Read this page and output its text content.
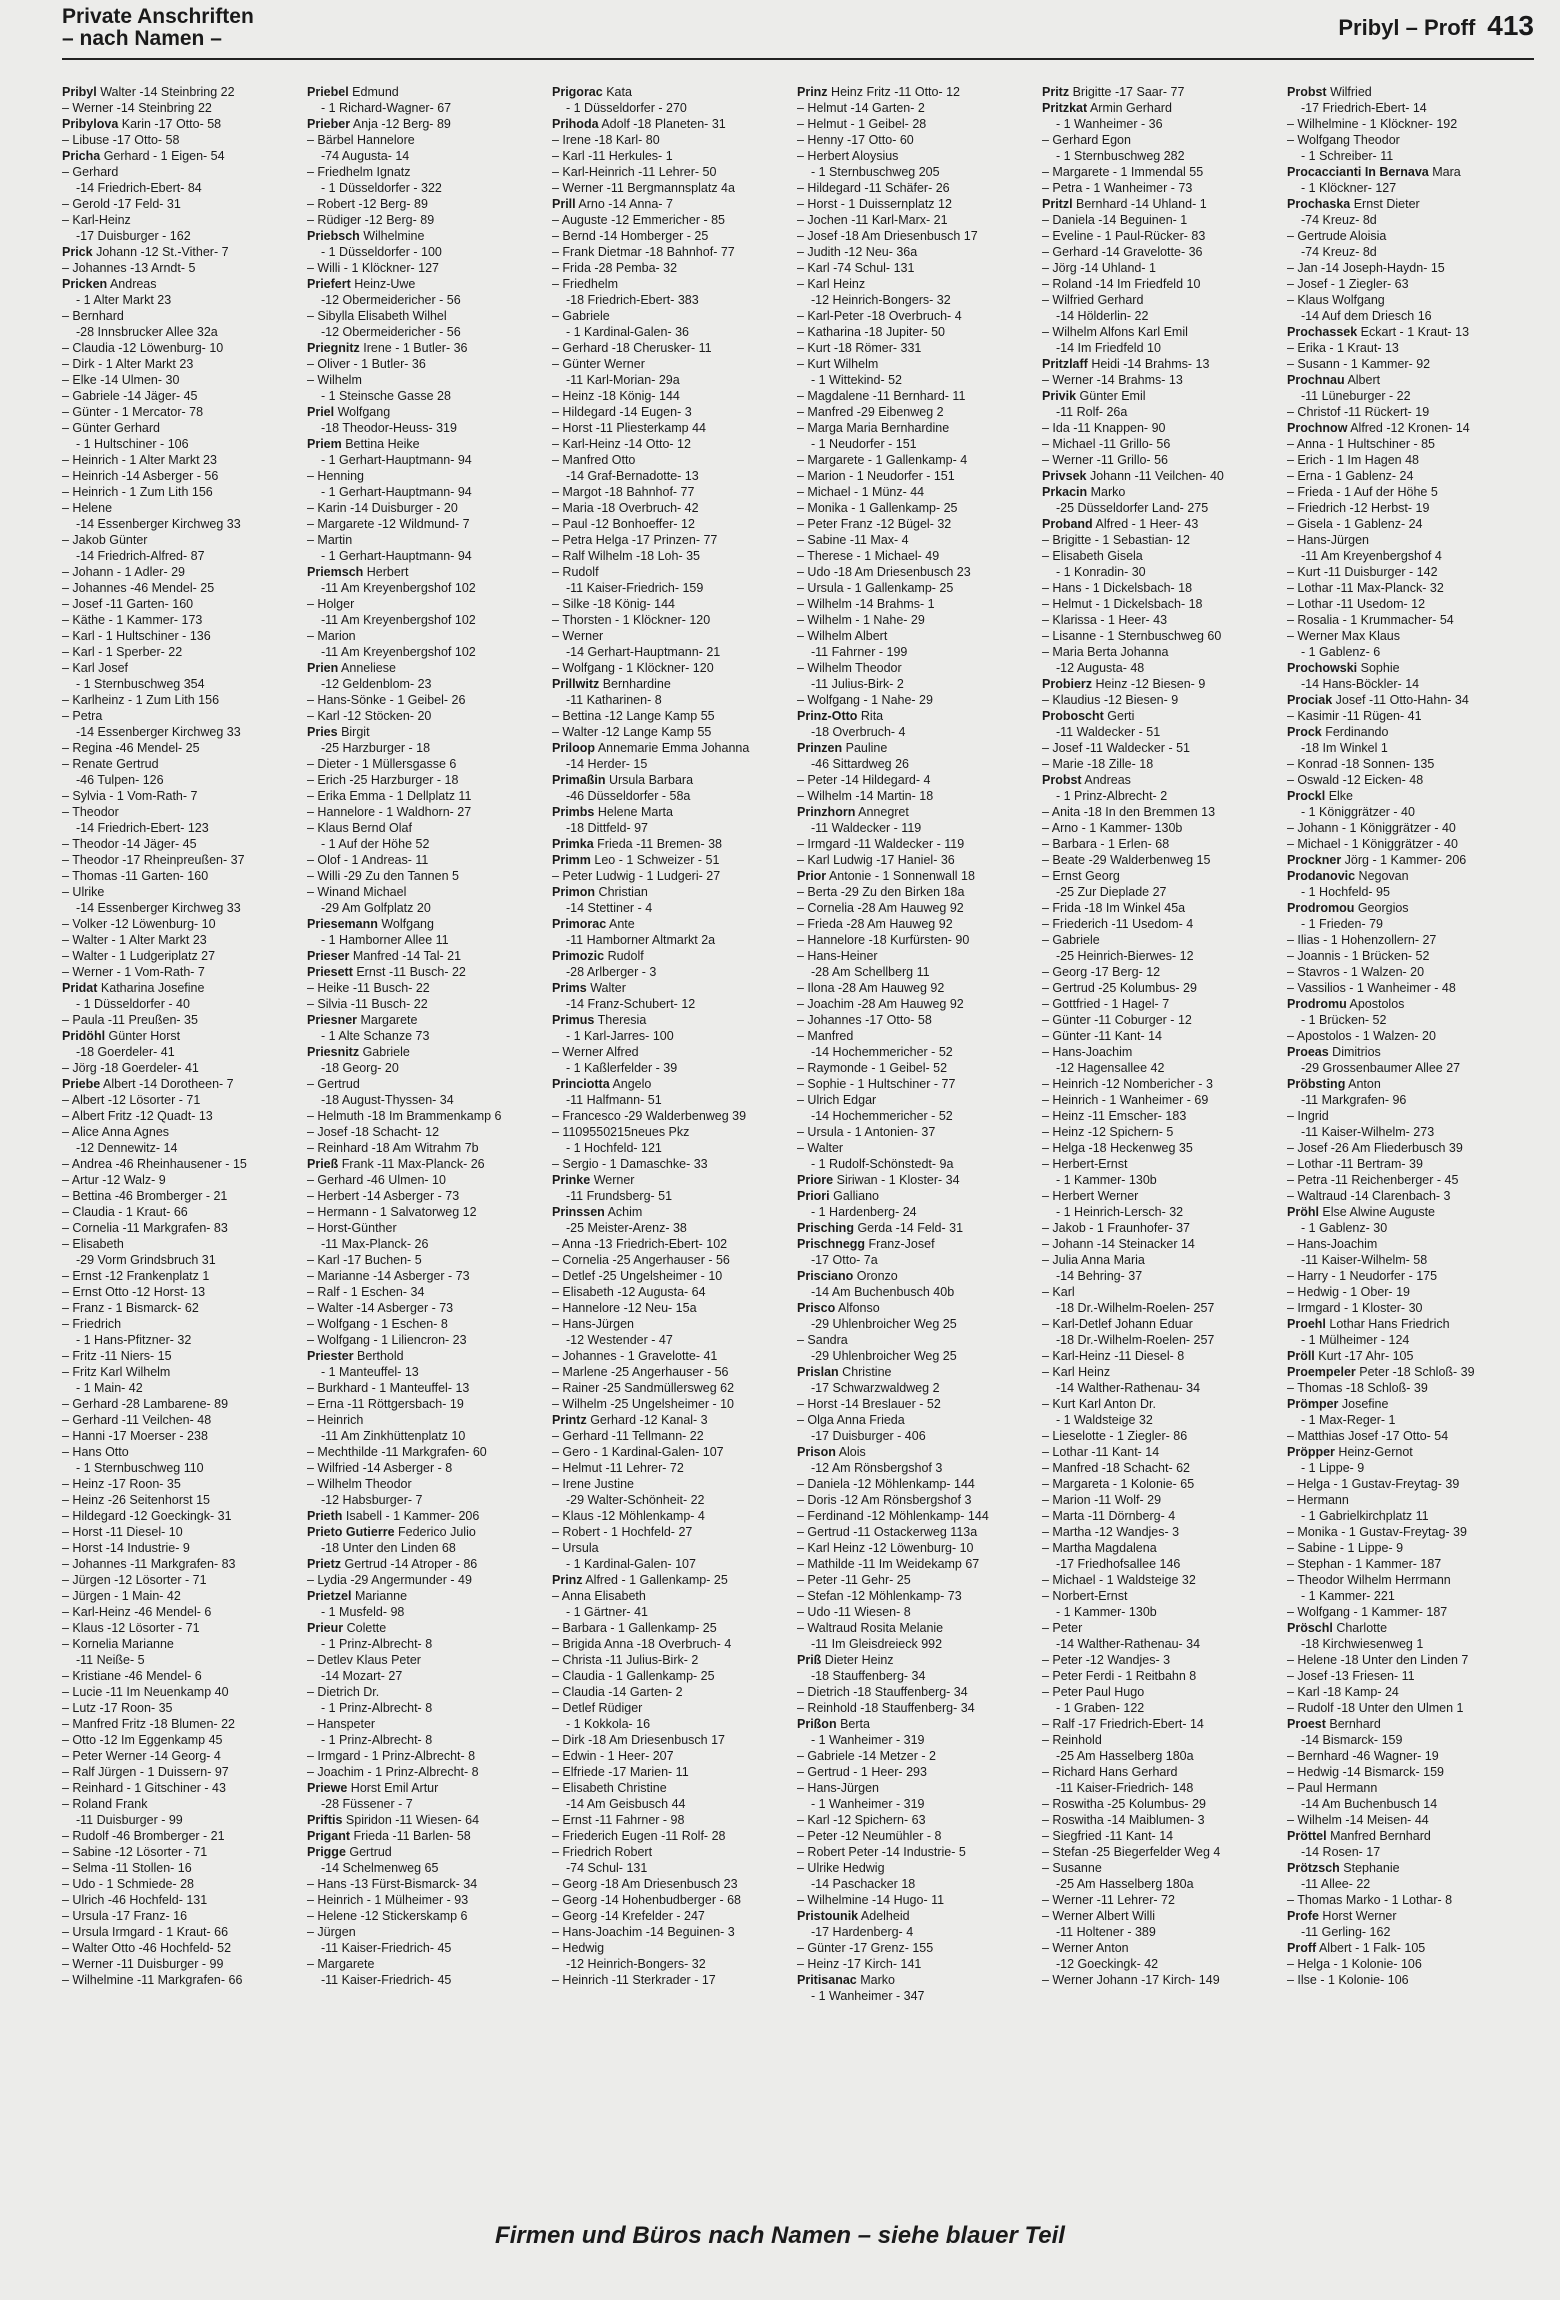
Private Anschriften
– nach Namen –	Pribyl – Proff 413
Pribyl Walter -14 Steinbring 22
– Werner -14 Steinbring 22
Pribylova Karin -17 Otto- 58
– Libuse -17 Otto- 58
Pricha Gerhard - 1 Eigen- 54
– Gerhard
-14 Friedrich-Ebert- 84
– Gerold -17 Feld- 31
– Karl-Heinz
-17 Duisburger - 162
Prick Johann -12 St.-Vither- 7
– Johannes -13 Arndt- 5
Pricken Andreas
- 1 Alter Markt 23
– Bernhard
-28 Innsbrucker Allee 32a
– Claudia -12 Löwenburg- 10
– Dirk - 1 Alter Markt 23
– Elke -14 Ulmen- 30
– Gabriele -14 Jäger- 45
– Günter - 1 Mercator- 78
– Günter Gerhard
- 1 Hultschiner - 106
– Heinrich - 1 Alter Markt 23
– Heinrich -14 Asberger - 56
– Heinrich - 1 Zum Lith 156
– Helene
-14 Essenberger Kirchweg 33
– Jakob Günter
-14 Friedrich-Alfred- 87
– Johann - 1 Adler- 29
– Johannes -46 Mendel- 25
– Josef -11 Garten- 160
– Käthe - 1 Kammer- 173
– Karl - 1 Hultschiner - 136
– Karl - 1 Sperber- 22
– Karl Josef
- 1 Sternbuschweg 354
– Karlheinz - 1 Zum Lith 156
– Petra
-14 Essenberger Kirchweg 33
– Regina -46 Mendel- 25
– Renate Gertrud
-46 Tulpen- 126
– Sylvia - 1 Vom-Rath- 7
– Theodor
-14 Friedrich-Ebert- 123
– Theodor -14 Jäger- 45
– Theodor -17 Rheinpreußen- 37
– Thomas -11 Garten- 160
– Ulrike
-14 Essenberger Kirchweg 33
– Volker -12 Löwenburg- 10
– Walter - 1 Alter Markt 23
– Walter - 1 Ludgeriplatz 27
– Werner - 1 Vom-Rath- 7
Pridat Katharina Josefine
- 1 Düsseldorfer - 40
– Paula -11 Preußen- 35
Pridöhl Günter Horst
-18 Goerdeler- 41
– Jörg -18 Goerdeler- 41
Priebe Albert -14 Dorotheen- 7
– Albert -12 Lösorter - 71
– Albert Fritz -12 Quadt- 13
– Alice Anna Agnes
-12 Dennewitz- 14
– Andrea -46 Rheinhausener - 15
– Artur -12 Walz- 9
– Bettina -46 Bromberger - 21
– Claudia - 1 Kraut- 66
– Cornelia -11 Markgrafen- 83
– Elisabeth
-29 Vorm Grindsbruch 31
– Ernst -12 Frankenplatz 1
– Ernst Otto -12 Horst- 13
– Franz - 1 Bismarck- 62
– Friedrich
- 1 Hans-Pfitzner- 32
– Fritz -11 Niers- 15
– Fritz Karl Wilhelm
- 1 Main- 42
– Gerhard -28 Lambarene- 89
– Gerhard -11 Veilchen- 48
– Hanni -17 Moerser - 238
– Hans Otto
- 1 Sternbuschweg 110
– Heinz -17 Roon- 35
– Heinz -26 Seitenhorst 15
– Hildegard -12 Goeckingk- 31
– Horst -11 Diesel- 10
– Horst -14 Industrie- 9
– Johannes -11 Markgrafen- 83
– Jürgen -12 Lösorter - 71
– Jürgen - 1 Main- 42
– Karl-Heinz -46 Mendel- 6
– Klaus -12 Lösorter - 71
– Kornelia Marianne
-11 Neiße- 5
– Kristiane -46 Mendel- 6
– Lucie -11 Im Neuenkamp 40
– Lutz -17 Roon- 35
– Manfred Fritz -18 Blumen- 22
– Otto -12 Im Eggenkamp 45
– Peter Werner -14 Georg- 4
– Ralf Jürgen - 1 Duissern- 97
– Reinhard - 1 Gitschiner - 43
– Roland Frank
-11 Duisburger - 99
– Rudolf -46 Bromberger - 21
– Sabine -12 Lösorter - 71
– Selma -11 Stollen- 16
– Udo - 1 Schmiede- 28
– Ulrich -46 Hochfeld- 131
– Ursula -17 Franz- 16
– Ursula Irmgard - 1 Kraut- 66
– Walter Otto -46 Hochfeld- 52
– Werner -11 Duisburger - 99
– Wilhelmine -11 Markgrafen- 66
Priebel Edmund
- 1 Richard-Wagner- 67
Prieber Anja -12 Berg- 89
– Bärbel Hannelore
-74 Augusta- 14
– Friedhelm Ignatz
- 1 Düsseldorfer - 322
– Robert -12 Berg- 89
– Rüdiger -12 Berg- 89
Priebsch Wilhelmine
- 1 Düsseldorfer - 100
– Willi - 1 Klöckner- 127
Priefert Heinz-Uwe
-12 Obermeidericher - 56
– Sibylla Elisabeth Wilhel
-12 Obermeidericher - 56
Priegnitz Irene - 1 Butler- 36
– Oliver - 1 Butler- 36
– Wilhelm
- 1 Steinsche Gasse 28
Priel Wolfgang
-18 Theodor-Heuss- 319
Priem Bettina Heike
- 1 Gerhart-Hauptmann- 94
– Henning
- 1 Gerhart-Hauptmann- 94
– Karin -14 Duisburger - 20
– Margarete -12 Wildmund- 7
– Martin
- 1 Gerhart-Hauptmann- 94
Priemsch Herbert
-11 Am Kreyenbergshof 102
– Holger
-11 Am Kreyenbergshof 102
– Marion
-11 Am Kreyenbergshof 102
Prien Anneliese
-12 Geldenblom- 23
– Hans-Sönke - 1 Geibel- 26
– Karl -12 Stöcken- 20
Pries Birgit
-25 Harzburger - 18
– Dieter - 1 Müllersgasse 6
– Erich -25 Harzburger - 18
– Erika Emma - 1 Dellplatz 11
– Hannelore - 1 Waldhorn- 27
– Klaus Bernd Olaf
- 1 Auf der Höhe 52
– Olof - 1 Andreas- 11
– Willi -29 Zu den Tannen 5
– Winand Michael
-29 Am Golfplatz 20
Priesemann Wolfgang
- 1 Hamborner Allee 11
Prieser Manfred -14 Tal- 21
Priesett Ernst -11 Busch- 22
– Heike -11 Busch- 22
– Silvia -11 Busch- 22
Priesner Margarete
- 1 Alte Schanze 73
Priesnitz Gabriele
-18 Georg- 20
– Gertrud
-18 August-Thyssen- 34
– Helmuth -18 Im Brammenkamp 6
– Josef -18 Schacht- 12
– Reinhard -18 Am Witrahm 7b
Prieß Frank -11 Max-Planck- 26
– Gerhard -46 Ulmen- 10
– Herbert -14 Asberger - 73
– Hermann - 1 Salvatorweg 12
– Horst-Günther
-11 Max-Planck- 26
– Karl -17 Buchen- 5
– Marianne -14 Asberger - 73
– Ralf - 1 Eschen- 34
– Walter -14 Asberger - 73
– Wolfgang - 1 Eschen- 8
– Wolfgang - 1 Liliencron- 23
Priester Berthold
- 1 Manteuffel- 13
– Burkhard - 1 Manteuffel- 13
– Erna -11 Röttgersbach- 19
– Heinrich
-11 Am Zinkhüttenplatz 10
– Mechthilde -11 Markgrafen- 60
– Wilfried -14 Asberger - 8
– Wilhelm Theodor
-12 Habsburger- 7
Prieth Isabell - 1 Kammer- 206
Prieto Gutierre Federico Julio
-18 Unter den Linden 68
Prietz Gertrud -14 Atroper - 86
– Lydia -29 Angermunder - 49
Prietzel Marianne
- 1 Musfeld- 98
Prieur Colette
- 1 Prinz-Albrecht- 8
– Detlev Klaus Peter
-14 Mozart- 27
– Dietrich Dr.
- 1 Prinz-Albrecht- 8
– Hanspeter
- 1 Prinz-Albrecht- 8
– Irmgard - 1 Prinz-Albrecht- 8
– Joachim - 1 Prinz-Albrecht- 8
Priewe Horst Emil Artur
-28 Füssener - 7
Priftis Spiridon -11 Wiesen- 64
Prigant Frieda -11 Barlen- 58
Prigge Gertrud
-14 Schelmenweg 65
– Hans -13 Fürst-Bismarck- 34
– Heinrich - 1 Mülheimer - 93
– Helene -12 Stickerskamp 6
– Jürgen
-11 Kaiser-Friedrich- 45
– Margarete
-11 Kaiser-Friedrich- 45
Prigorac Kata
- 1 Düsseldorfer - 270
Prihoda Adolf -18 Planeten- 31
– Irene -18 Karl- 80
– Karl -11 Herkules- 1
– Karl-Heinrich -11 Lehrer- 50
– Werner -11 Bergmannsplatz 4a
Prill Arno -14 Anna- 7
– Auguste -12 Emmericher - 85
– Bernd -14 Homberger - 25
– Frank Dietmar -18 Bahnhof- 77
– Frida -28 Pemba- 32
– Friedhelm
-18 Friedrich-Ebert- 383
– Gabriele
- 1 Kardinal-Galen- 36
– Gerhard -18 Cherusker- 11
– Günter Werner
-11 Karl-Morian- 29a
– Heinz -18 König- 144
– Hildegard -14 Eugen- 3
– Horst -11 Pliesterkamp 44
– Karl-Heinz -14 Otto- 12
– Manfred Otto
-14 Graf-Bernadotte- 13
– Margot -18 Bahnhof- 77
– Maria -18 Overbruch- 42
– Paul -12 Bonhoeffer- 12
– Petra Helga -17 Prinzen- 77
– Ralf Wilhelm -18 Loh- 35
– Rudolf
-11 Kaiser-Friedrich- 159
– Silke -18 König- 144
– Thorsten - 1 Klöckner- 120
– Werner
-14 Gerhart-Hauptmann- 21
– Wolfgang - 1 Klöckner- 120
Prillwitz Bernhardine
-11 Katharinen- 8
– Bettina -12 Lange Kamp 55
– Walter -12 Lange Kamp 55
Priloop Annemarie Emma Johanna
-14 Herder- 15
Primaßin Ursula Barbara
-46 Düsseldorfer - 58a
Primbs Helene Marta
-18 Dittfeld- 97
Primka Frieda -11 Bremen- 38
Primm Leo - 1 Schweizer - 51
– Peter Ludwig - 1 Ludgeri- 27
Primon Christian
-14 Stettiner - 4
Primorac Ante
-11 Hamborner Altmarkt 2a
Primozic Rudolf
-28 Arlberger - 3
Prims Walter
-14 Franz-Schubert- 12
Primus Theresia
- 1 Karl-Jarres- 100
– Werner Alfred
- 1 Kaßlerfelder - 39
Princiotta Angelo
-11 Halfmann- 51
– Francesco -29 Walderbenweg 39
– 1109550215neues Pkz
- 1 Hochfeld- 121
– Sergio - 1 Damaschke- 33
Prinke Werner
-11 Frundsberg- 51
Prinssen Achim
-25 Meister-Arenz- 38
– Anna -13 Friedrich-Ebert- 102
– Cornelia -25 Angerhauser - 56
– Detlef -25 Ungelsheimer - 10
– Elisabeth -12 Augusta- 64
– Hannelore -12 Neu- 15a
– Hans-Jürgen
-12 Westender - 47
– Johannes - 1 Gravelotte- 41
– Marlene -25 Angerhauser - 56
– Rainer -25 Sandmüllersweg 62
– Wilhelm -25 Ungelsheimer - 10
Printz Gerhard -12 Kanal- 3
– Gerhard -11 Tellmann- 22
– Gero - 1 Kardinal-Galen- 107
– Helmut -11 Lehrer- 72
– Irene Justine
-29 Walter-Schönheit- 22
– Klaus -12 Möhlenkamp- 4
– Robert - 1 Hochfeld- 27
– Ursula
- 1 Kardinal-Galen- 107
Prinz Alfred - 1 Gallenkamp- 25
– Anna Elisabeth
- 1 Gärtner- 41
– Barbara - 1 Gallenkamp- 25
– Brigida Anna -18 Overbruch- 4
– Christa -11 Julius-Birk- 2
– Claudia - 1 Gallenkamp- 25
– Claudia -14 Garten- 2
– Detlef Rüdiger
- 1 Kokkola- 16
– Dirk -18 Am Driesenbusch 17
– Edwin - 1 Heer- 207
– Elfriede -17 Marien- 11
– Elisabeth Christine
-14 Am Geisbusch 44
– Ernst -11 Fahrner - 98
– Friederich Eugen -11 Rolf- 28
– Friedrich Robert
-74 Schul- 131
– Georg -18 Am Driesenbusch 23
– Georg -14 Hohenbudberger - 68
– Georg -14 Krefelder - 247
– Hans-Joachim -14 Beguinen- 3
– Hedwig
-12 Heinrich-Bongers- 32
– Heinrich -11 Sterkrader - 17
Prinz Heinz Fritz -11 Otto- 12
– Helmut -14 Garten- 2
– Helmut - 1 Geibel- 28
– Henny -17 Otto- 60
– Herbert Aloysius
- 1 Sternbuschweg 205
– Hildegard -11 Schäfer- 26
– Horst - 1 Duissernplatz 12
– Jochen -11 Karl-Marx- 21
– Josef -18 Am Driesenbusch 17
– Judith -12 Neu- 36a
– Karl -74 Schul- 131
– Karl Heinz
-12 Heinrich-Bongers- 32
– Karl-Peter -18 Overbruch- 4
– Katharina -18 Jupiter- 50
– Kurt -18 Römer- 331
– Kurt Wilhelm
- 1 Wittekind- 52
– Magdalene -11 Bernhard- 11
– Manfred -29 Eibenweg 2
– Marga Maria Bernhardine
- 1 Neudorfer - 151
– Margarete - 1 Gallenkamp- 4
– Marion - 1 Neudorfer - 151
– Michael - 1 Münz- 44
– Monika - 1 Gallenkamp- 25
– Peter Franz -12 Bügel- 32
– Sabine -11 Max- 4
– Therese - 1 Michael- 49
– Udo -18 Am Driesenbusch 23
– Ursula - 1 Gallenkamp- 25
– Wilhelm -14 Brahms- 1
– Wilhelm - 1 Nahe- 29
– Wilhelm Albert
-11 Fahrner - 199
– Wilhelm Theodor
-11 Julius-Birk- 2
– Wolfgang - 1 Nahe- 29
Prinz-Otto Rita
-18 Overbruch- 4
Prinzen Pauline
-46 Sittardweg 26
– Peter -14 Hildegard- 4
– Wilhelm -14 Martin- 18
Prinzhorn Annegret
-11 Waldecker - 119
– Irmgard -11 Waldecker - 119
– Karl Ludwig -17 Haniel- 36
Prior Antonie - 1 Sonnenwall 18
– Berta -29 Zu den Birken 18a
– Cornelia -28 Am Hauweg 92
– Frieda -28 Am Hauweg 92
– Hannelore -18 Kurfürsten- 90
– Hans-Heiner
-28 Am Schellberg 11
– Ilona -28 Am Hauweg 92
– Joachim -28 Am Hauweg 92
– Johannes -17 Otto- 58
– Manfred
-14 Hochemmericher - 52
– Raymonde - 1 Geibel- 52
– Sophie - 1 Hultschiner - 77
– Ulrich Edgar
-14 Hochemmericher - 52
– Ursula - 1 Antonien- 37
– Walter
- 1 Rudolf-Schönstedt- 9a
Priore Siriwan - 1 Kloster- 34
Priori Galliano
- 1 Hardenberg- 24
Prisching Gerda -14 Feld- 31
Prischnegg Franz-Josef
-17 Otto- 7a
Prisciano Oronzo
-14 Am Buchenbusch 40b
Prisco Alfonso
-29 Uhlenbroicher Weg 25
– Sandra
-29 Uhlenbroicher Weg 25
Prislan Christine
-17 Schwarzwaldweg 2
– Horst -14 Breslauer - 52
– Olga Anna Frieda
-17 Duisburger - 406
Prison Alois
-12 Am Rönsbergshof 3
– Daniela -12 Möhlenkamp- 144
– Doris -12 Am Rönsbergshof 3
– Ferdinand -12 Möhlenkamp- 144
– Gertrud -11 Ostackerweg 113a
– Karl Heinz -12 Löwenburg- 10
– Mathilde -11 Im Weidekamp 67
– Peter -11 Gehr- 25
– Stefan -12 Möhlenkamp- 73
– Udo -11 Wiesen- 8
– Waltraud Rosita Melanie
-11 Im Gleisdreieck 992
Priß Dieter Heinz
-18 Stauffenberg- 34
– Dietrich -18 Stauffenberg- 34
– Reinhold -18 Stauffenberg- 34
Prißon Berta
- 1 Wanheimer - 319
– Gabriele -14 Metzer - 2
– Gertrud - 1 Heer- 293
– Hans-Jürgen
- 1 Wanheimer - 319
– Karl -12 Spichern- 63
– Peter -12 Neumühler - 8
– Robert Peter -14 Industrie- 5
– Ulrike Hedwig
-14 Paschacker 18
– Wilhelmine -14 Hugo- 11
Pristounik Adelheid
-17 Hardenberg- 4
– Günter -17 Grenz- 155
– Heinz -17 Kirch- 141
Pritisanac Marko
- 1 Wanheimer - 347
Pritz Brigitte -17 Saar- 77
Pritzkat Armin Gerhard
- 1 Wanheimer - 36
– Gerhard Egon
- 1 Sternbuschweg 282
– Margarete - 1 Immendal 55
– Petra - 1 Wanheimer - 73
Pritzl Bernhard -14 Uhland- 1
– Daniela -14 Beguinen- 1
– Eveline - 1 Paul-Rücker- 83
– Gerhard -14 Gravelotte- 36
– Jörg -14 Uhland- 1
– Roland -14 Im Friedfeld 10
– Wilfried Gerhard
-14 Hölderlin- 22
– Wilhelm Alfons Karl Emil
-14 Im Friedfeld 10
Pritzlaff Heidi -14 Brahms- 13
– Werner -14 Brahms- 13
Privik Günter Emil
-11 Rolf- 26a
– Ida -11 Knappen- 90
– Michael -11 Grillo- 56
– Werner -11 Grillo- 56
Privsek Johann -11 Veilchen- 40
Prkacin Marko
-25 Düsseldorfer Land- 275
Proband Alfred - 1 Heer- 43
– Brigitte - 1 Sebastian- 12
– Elisabeth Gisela
- 1 Konradin- 30
– Hans - 1 Dickelsbach- 18
– Helmut - 1 Dickelsbach- 18
– Klarissa - 1 Heer- 43
– Lisanne - 1 Sternbuschweg 60
– Maria Berta Johanna
-12 Augusta- 48
Probierz Heinz -12 Biesen- 9
– Klaudius -12 Biesen- 9
Proboscht Gerti
-11 Waldecker - 51
– Josef -11 Waldecker - 51
– Marie -18 Zille- 18
Probst Andreas
- 1 Prinz-Albrecht- 2
– Anita -18 In den Bremmen 13
– Arno - 1 Kammer- 130b
– Barbara - 1 Erlen- 68
– Beate -29 Walderbenweg 15
– Ernst Georg
-25 Zur Dieplade 27
– Frida -18 Im Winkel 45a
– Friederich -11 Usedom- 4
– Gabriele
-25 Heinrich-Bierwes- 12
– Georg -17 Berg- 12
– Gertrud -25 Kolumbus- 29
– Gottfried - 1 Hagel- 7
– Günter -11 Coburger - 12
– Günter -11 Kant- 14
– Hans-Joachim
-12 Hagensallee 42
– Heinrich -12 Nombericher - 3
– Heinrich - 1 Wanheimer - 69
– Heinz -11 Emscher- 183
– Heinz -12 Spichern- 5
– Helga -18 Heckenweg 35
– Herbert-Ernst
- 1 Kammer- 130b
– Herbert Werner
- 1 Heinrich-Lersch- 32
– Jakob - 1 Fraunhofer- 37
– Johann -14 Steinacker 14
– Julia Anna Maria
-14 Behring- 37
– Karl
-18 Dr.-Wilhelm-Roelen- 257
– Karl-Detlef Johann Eduar
-18 Dr.-Wilhelm-Roelen- 257
– Karl-Heinz -11 Diesel- 8
– Karl Heinz
-14 Walther-Rathenau- 34
– Kurt Karl Anton Dr.
- 1 Waldsteige 32
– Lieselotte - 1 Ziegler- 86
– Lothar -11 Kant- 14
– Manfred -18 Schacht- 62
– Margareta - 1 Kolonie- 65
– Marion -11 Wolf- 29
– Marta -11 Dörnberg- 4
– Martha -12 Wandjes- 3
– Martha Magdalena
-17 Friedhofsallee 146
– Michael - 1 Waldsteige 32
– Norbert-Ernst
- 1 Kammer- 130b
– Peter
-14 Walther-Rathenau- 34
– Peter -12 Wandjes- 3
– Peter Ferdi - 1 Reitbahn 8
– Peter Paul Hugo
- 1 Graben- 122
– Ralf -17 Friedrich-Ebert- 14
– Reinhold
-25 Am Hasselberg 180a
– Richard Hans Gerhard
-11 Kaiser-Friedrich- 148
– Roswitha -25 Kolumbus- 29
– Roswitha -14 Maiblumen- 3
– Siegfried -11 Kant- 14
– Stefan -25 Biegerfelder Weg 4
– Susanne
-25 Am Hasselberg 180a
– Werner -11 Lehrer- 72
– Werner Albert Willi
-11 Holtener - 389
– Werner Anton
-12 Goeckingk- 42
– Werner Johann -17 Kirch- 149
Probst Wilfried
-17 Friedrich-Ebert- 14
– Wilhelmine - 1 Klöckner- 192
– Wolfgang Theodor
- 1 Schreiber- 11
Procaccianti In Bernava Mara
- 1 Klöckner- 127
Prochaska Ernst Dieter
-74 Kreuz- 8d
– Gertrude Aloisia
-74 Kreuz- 8d
– Jan -14 Joseph-Haydn- 15
– Josef - 1 Ziegler- 63
– Klaus Wolfgang
-14 Auf dem Driesch 16
Prochassek Eckart - 1 Kraut- 13
– Erika - 1 Kraut- 13
– Susann - 1 Kammer- 92
Prochnau Albert
-11 Lüneburger - 22
– Christof -11 Rückert- 19
Prochnow Alfred -12 Kronen- 14
– Anna - 1 Hultschiner - 85
– Erich - 1 Im Hagen 48
– Erna - 1 Gablenz- 24
– Frieda - 1 Auf der Höhe 5
– Friedrich -12 Herbst- 19
– Gisela - 1 Gablenz- 24
– Hans-Jürgen
-11 Am Kreyenbergshof 4
– Kurt -11 Duisburger - 142
– Lothar -11 Max-Planck- 32
– Lothar -11 Usedom- 12
– Rosalia - 1 Krummacher- 54
– Werner Max Klaus
- 1 Gablenz- 6
Prochowski Sophie
-14 Hans-Böckler- 14
Prociak Josef -11 Otto-Hahn- 34
– Kasimir -11 Rügen- 41
Prock Ferdinando
-18 Im Winkel 1
– Konrad -18 Sonnen- 135
– Oswald -12 Eicken- 48
Prockl Elke
- 1 Königgrätzer - 40
– Johann - 1 Königgrätzer - 40
– Michael - 1 Königgrätzer - 40
Prockner Jörg - 1 Kammer- 206
Prodanovic Negovan
- 1 Hochfeld- 95
Prodromou Georgios
- 1 Frieden- 79
– Ilias - 1 Hohenzollern- 27
– Joannis - 1 Brücken- 52
– Stavros - 1 Walzen- 20
– Vassilios - 1 Wanheimer - 48
Prodromu Apostolos
- 1 Brücken- 52
– Apostolos - 1 Walzen- 20
Proeas Dimitrios
-29 Grossenbaumer Allee 27
Pröbsting Anton
-11 Markgrafen- 96
– Ingrid
-11 Kaiser-Wilhelm- 273
– Josef -26 Am Fliederbusch 39
– Lothar -11 Bertram- 39
– Petra -11 Reichenberger - 45
– Waltraud -14 Clarenbach- 3
Pröhl Else Alwine Auguste
- 1 Gablenz- 30
– Hans-Joachim
-11 Kaiser-Wilhelm- 58
– Harry - 1 Neudorfer - 175
– Hedwig - 1 Ober- 19
– Irmgard - 1 Kloster- 30
Proehl Lothar Hans Friedrich
- 1 Mülheimer - 124
Pröll Kurt -17 Ahr- 105
Proempeler Peter -18 Schloß- 39
– Thomas -18 Schloß- 39
Prömper Josefine
- 1 Max-Reger- 1
– Matthias Josef -17 Otto- 54
Pröpper Heinz-Gernot
- 1 Lippe- 9
– Helga - 1 Gustav-Freytag- 39
– Hermann
- 1 Gabrielkirchplatz 11
– Monika - 1 Gustav-Freytag- 39
– Sabine - 1 Lippe- 9
– Stephan - 1 Kammer- 187
– Theodor Wilhelm Herrmann
- 1 Kammer- 221
– Wolfgang - 1 Kammer- 187
Pröschl Charlotte
-18 Kirchwiesenweg 1
– Helene -18 Unter den Linden 7
– Josef -13 Friesen- 11
– Karl -18 Kamp- 24
– Rudolf -18 Unter den Ulmen 1
Proest Bernhard
-14 Bismarck- 159
– Bernhard -46 Wagner- 19
– Hedwig -14 Bismarck- 159
– Paul Hermann
-14 Am Buchenbusch 14
– Wilhelm -14 Meisen- 44
Pröttel Manfred Bernhard
-14 Rosen- 17
Prötzsch Stephanie
-11 Allee- 22
– Thomas Marko - 1 Lothar- 8
Profe Horst Werner
-11 Gerling- 162
Proff Albert - 1 Falk- 105
– Helga - 1 Kolonie- 106
– Ilse - 1 Kolonie- 106
Firmen und Büros nach Namen – siehe blauer Teil
